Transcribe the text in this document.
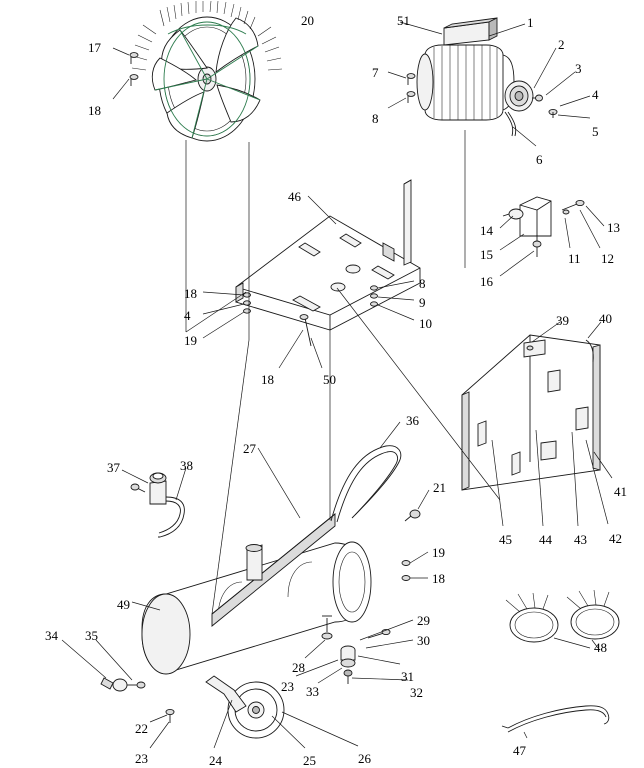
20	51	1
2
17
3
7
4
18
8
5
6
46
14	13
15	11 12
16
8
18
9
4
10	39 40
19
18	50
36
27
37	38
41
21
42
45 44 43
19
18
49
29
34 35	30	48
28
31
33
23	32
22
23	24	25	26
47
